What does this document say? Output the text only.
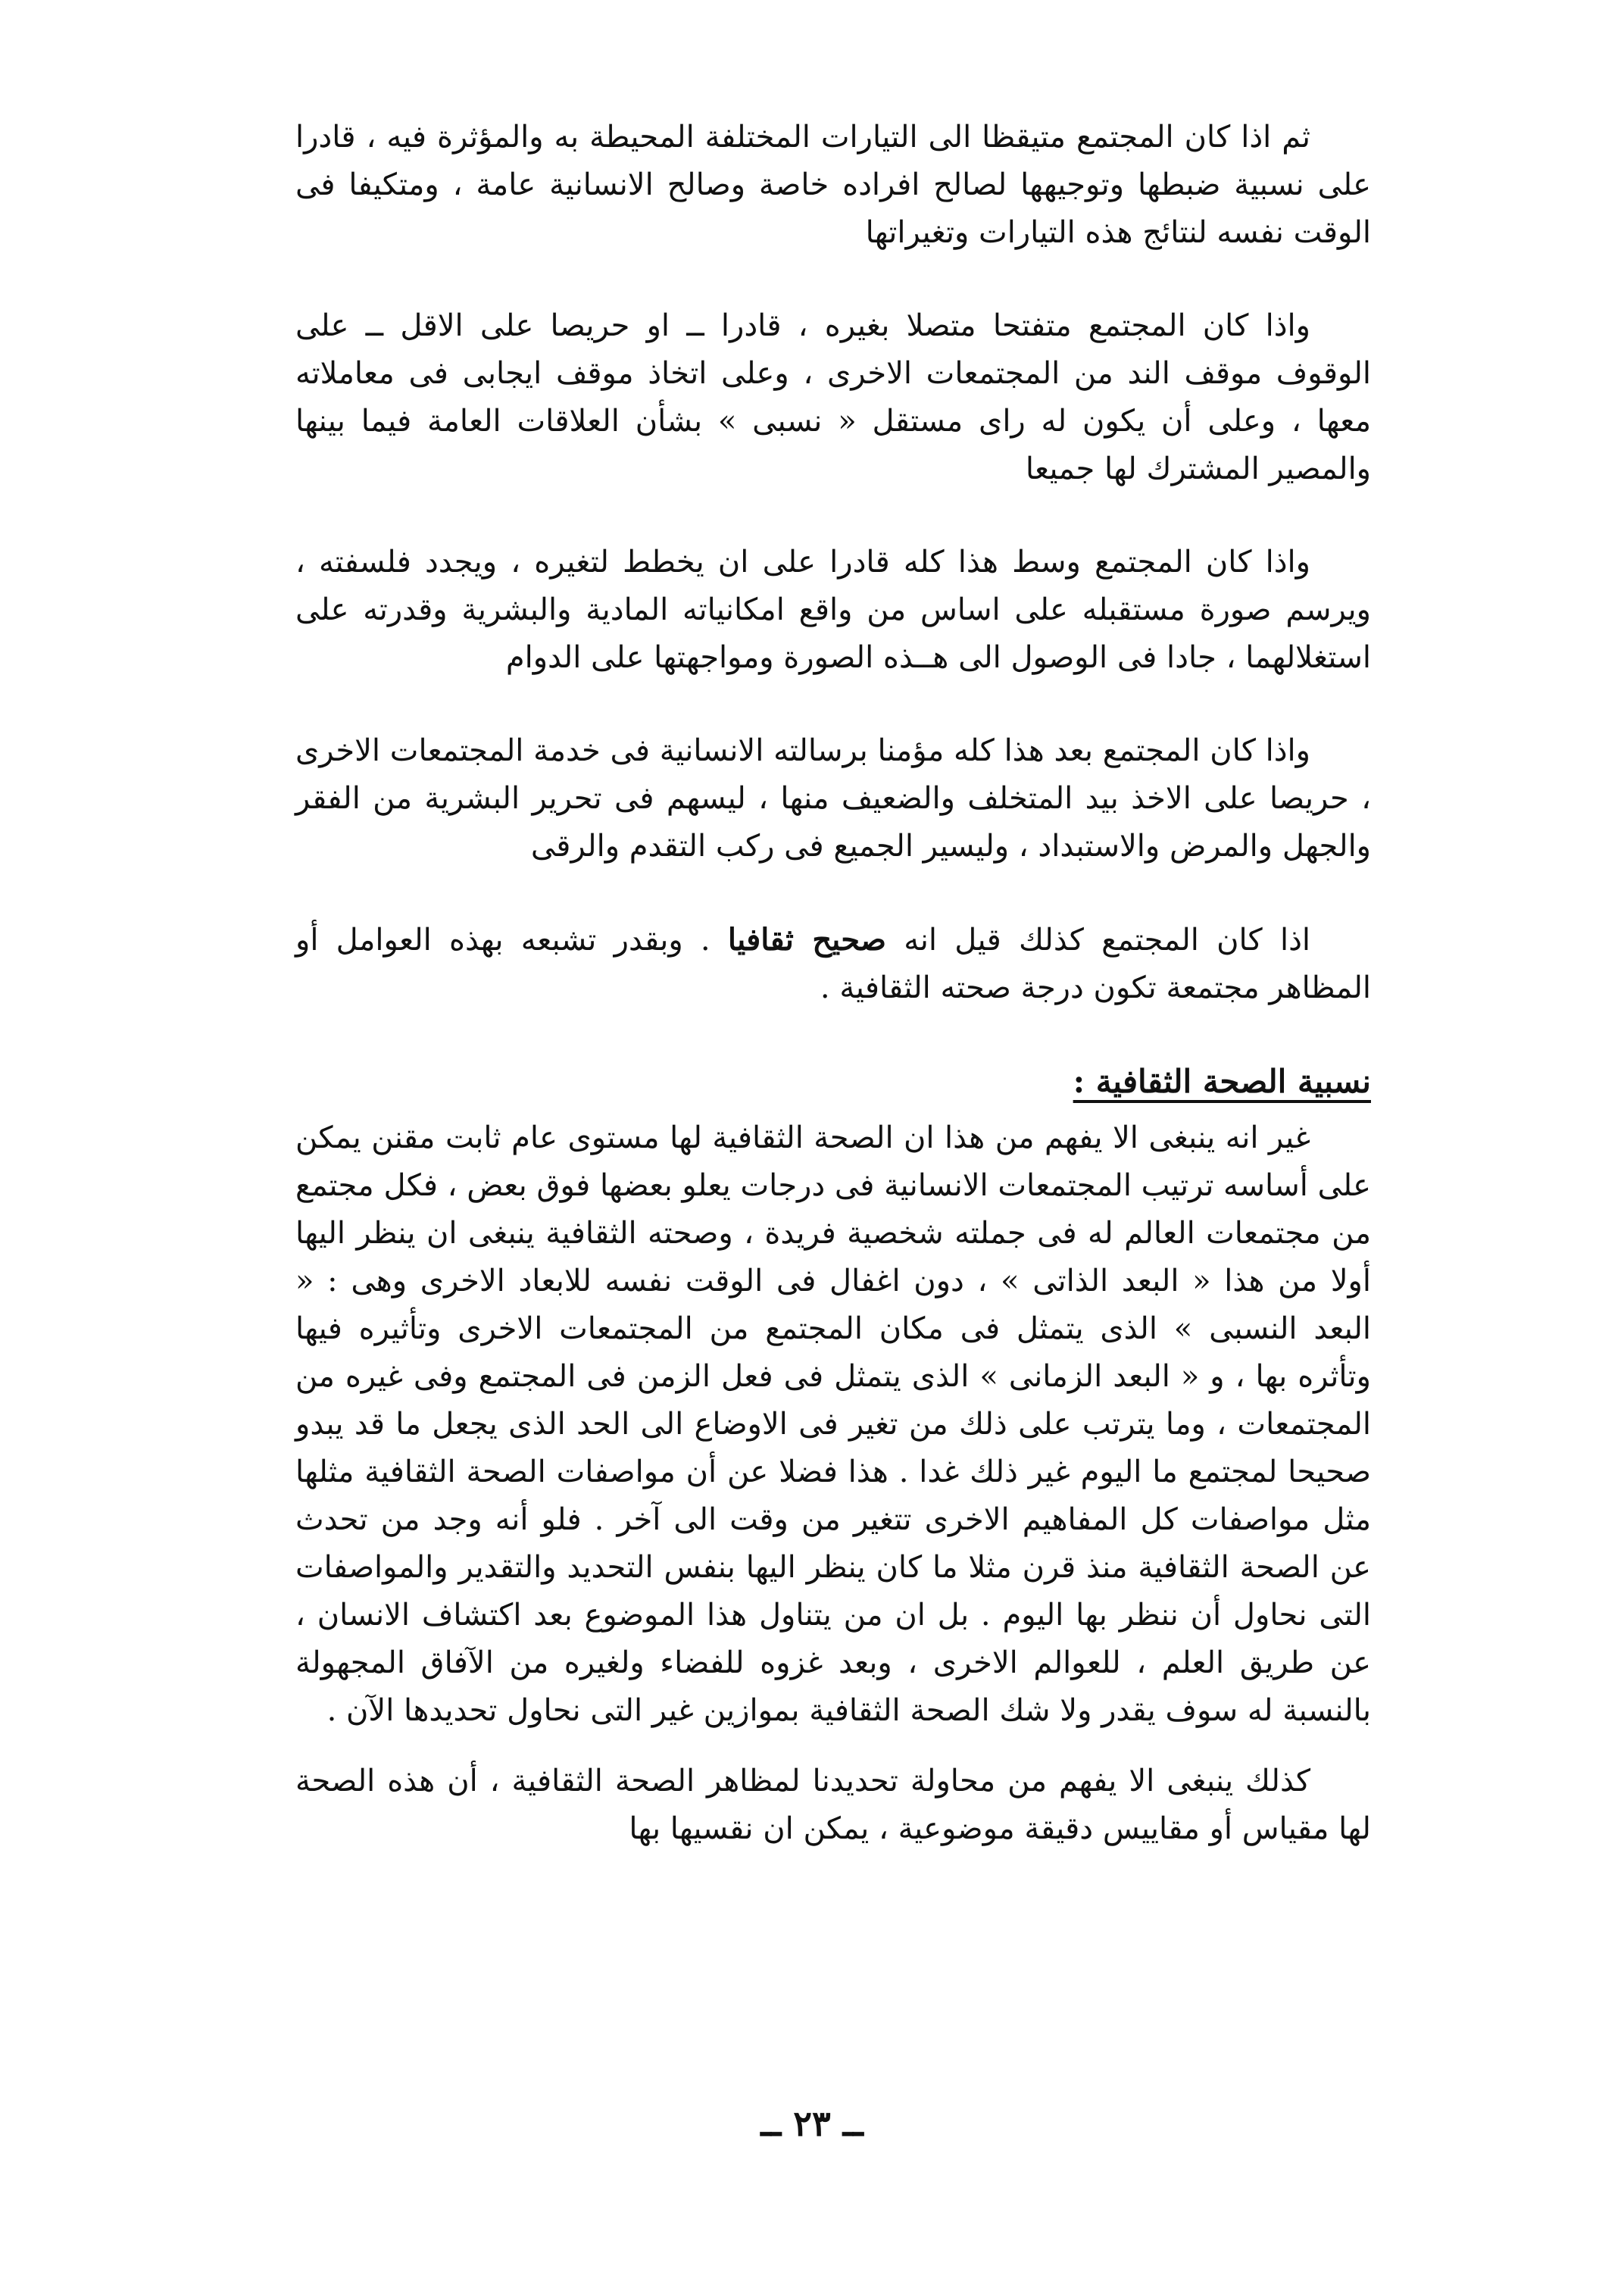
ثم اذا كان المجتمع متيقظا الى التيارات المختلفة المحيطة به والمؤثرة فيه ، قادرا على نسبية ضبطها وتوجيهها لصالح افراده خاصة وصالح الانسانية عامة ، ومتكيفا فى الوقت نفسه لنتائج هذه التيارات وتغيراتها

واذا كان المجتمع متفتحا متصلا بغيره ، قادرا ــ او حريصا على الاقل ــ على الوقوف موقف الند من المجتمعات الاخرى ، وعلى اتخاذ موقف ايجابى فى معاملاته معها ، وعلى أن يكون له راى مستقل « نسبى » بشأن العلاقات العامة فيما بينها والمصير المشترك لها جميعا

واذا كان المجتمع وسط هذا كله قادرا على ان يخطط لتغيره ، ويجدد فلسفته ، ويرسم صورة مستقبله على اساس من واقع امكانياته المادية والبشرية وقدرته على استغلالهما ، جادا فى الوصول الى هــذه الصورة ومواجهتها على الدوام

واذا كان المجتمع بعد هذا كله مؤمنا برسالته الانسانية فى خدمة المجتمعات الاخرى ، حريصا على الاخذ بيد المتخلف والضعيف منها ، ليسهم فى تحرير البشرية من الفقر والجهل والمرض والاستبداد ، وليسير الجميع فى ركب التقدم والرقى

اذا كان المجتمع كذلك قيل انه صحيح ثقافيا . وبقدر تشبعه بهذه العوامل أو المظاهر مجتمعة تكون درجة صحته الثقافية .

نسبية الصحة الثقافية :

غير انه ينبغى الا يفهم من هذا ان الصحة الثقافية لها مستوى عام ثابت مقنن يمكن على أساسه ترتيب المجتمعات الانسانية فى درجات يعلو بعضها فوق بعض ، فكل مجتمع من مجتمعات العالم له فى جملته شخصية فريدة ، وصحته الثقافية ينبغى ان ينظر اليها أولا من هذا « البعد الذاتى » ، دون اغفال فى الوقت نفسه للابعاد الاخرى وهى : « البعد النسبى » الذى يتمثل فى مكان المجتمع من المجتمعات الاخرى وتأثيره فيها وتأثره بها ، و « البعد الزمانى » الذى يتمثل فى فعل الزمن فى المجتمع وفى غيره من المجتمعات ، وما يترتب على ذلك من تغير فى الاوضاع الى الحد الذى يجعل ما قد يبدو صحيحا لمجتمع ما اليوم غير ذلك غدا . هذا فضلا عن أن مواصفات الصحة الثقافية مثلها مثل مواصفات كل المفاهيم الاخرى تتغير من وقت الى آخر . فلو أنه وجد من تحدث عن الصحة الثقافية منذ قرن مثلا ما كان ينظر اليها بنفس التحديد والتقدير والمواصفات التى نحاول أن ننظر بها اليوم . بل ان من يتناول هذا الموضوع بعد اكتشاف الانسان ، عن طريق العلم ، للعوالم الاخرى ، وبعد غزوه للفضاء ولغيره من الآفاق المجهولة بالنسبة له سوف يقدر ولا شك الصحة الثقافية بموازين غير التى نحاول تحديدها الآن .

كذلك ينبغى الا يفهم من محاولة تحديدنا لمظاهر الصحة الثقافية ، أن هذه الصحة لها مقياس أو مقاييس دقيقة موضوعية ، يمكن ان نقسيها بها

ــ ٢٣ ــ
